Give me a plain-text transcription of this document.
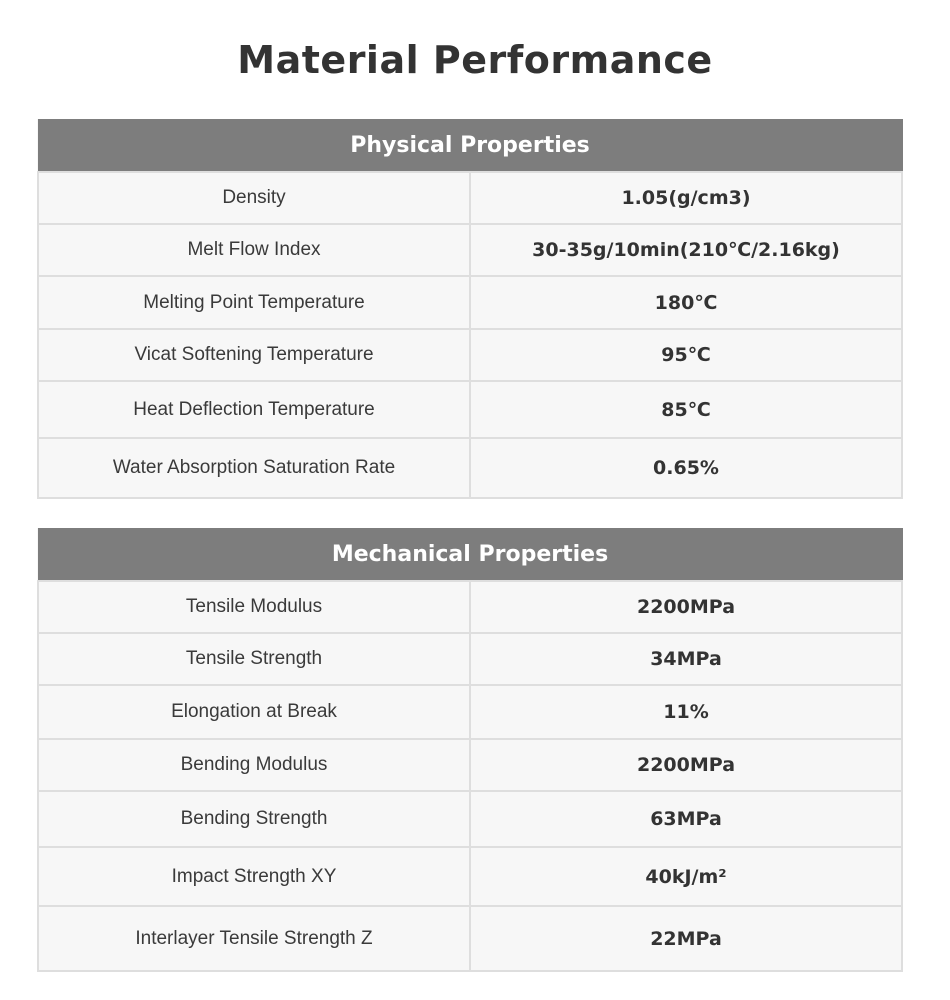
Material Performance
Physical Properties	
Density	1.05(g/cm3)
Melt Flow Index	30-35g/10min(210℃/2.16kg)
Melting Point Temperature	180℃
Vicat Softening Temperature	95℃
Heat Deflection Temperature	85℃
Water Absorption Saturation Rate	0.65%
Mechanical Properties	
Tensile Modulus	2200MPa
Tensile Strength	34MPa
Elongation at Break	11%
Bending Modulus	2200MPa
Bending Strength	63MPa
Impact Strength XY	40kJ/m²
Interlayer Tensile Strength Z	22MPa
